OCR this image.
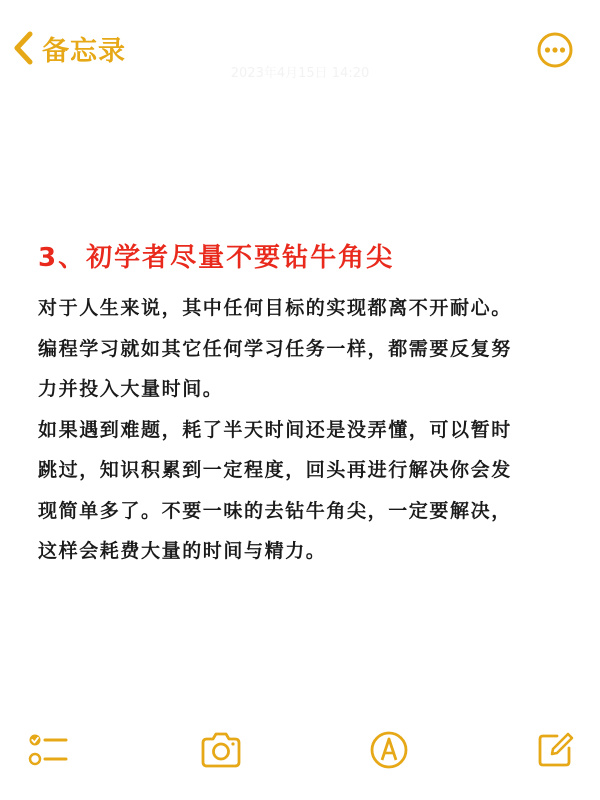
备忘录
2023年4月15日 14:20
3、初学者尽量不要钻牛角尖

对于人生来说，其中任何目标的实现都离不开耐心。
编程学习就如其它任何学习任务一样，都需要反复努
力并投入大量时间。
如果遇到难题，耗了半天时间还是没弄懂，可以暂时
跳过，知识积累到一定程度，回头再进行解决你会发
现简单多了。不要一味的去钻牛角尖，一定要解决，
这样会耗费大量的时间与精力。
